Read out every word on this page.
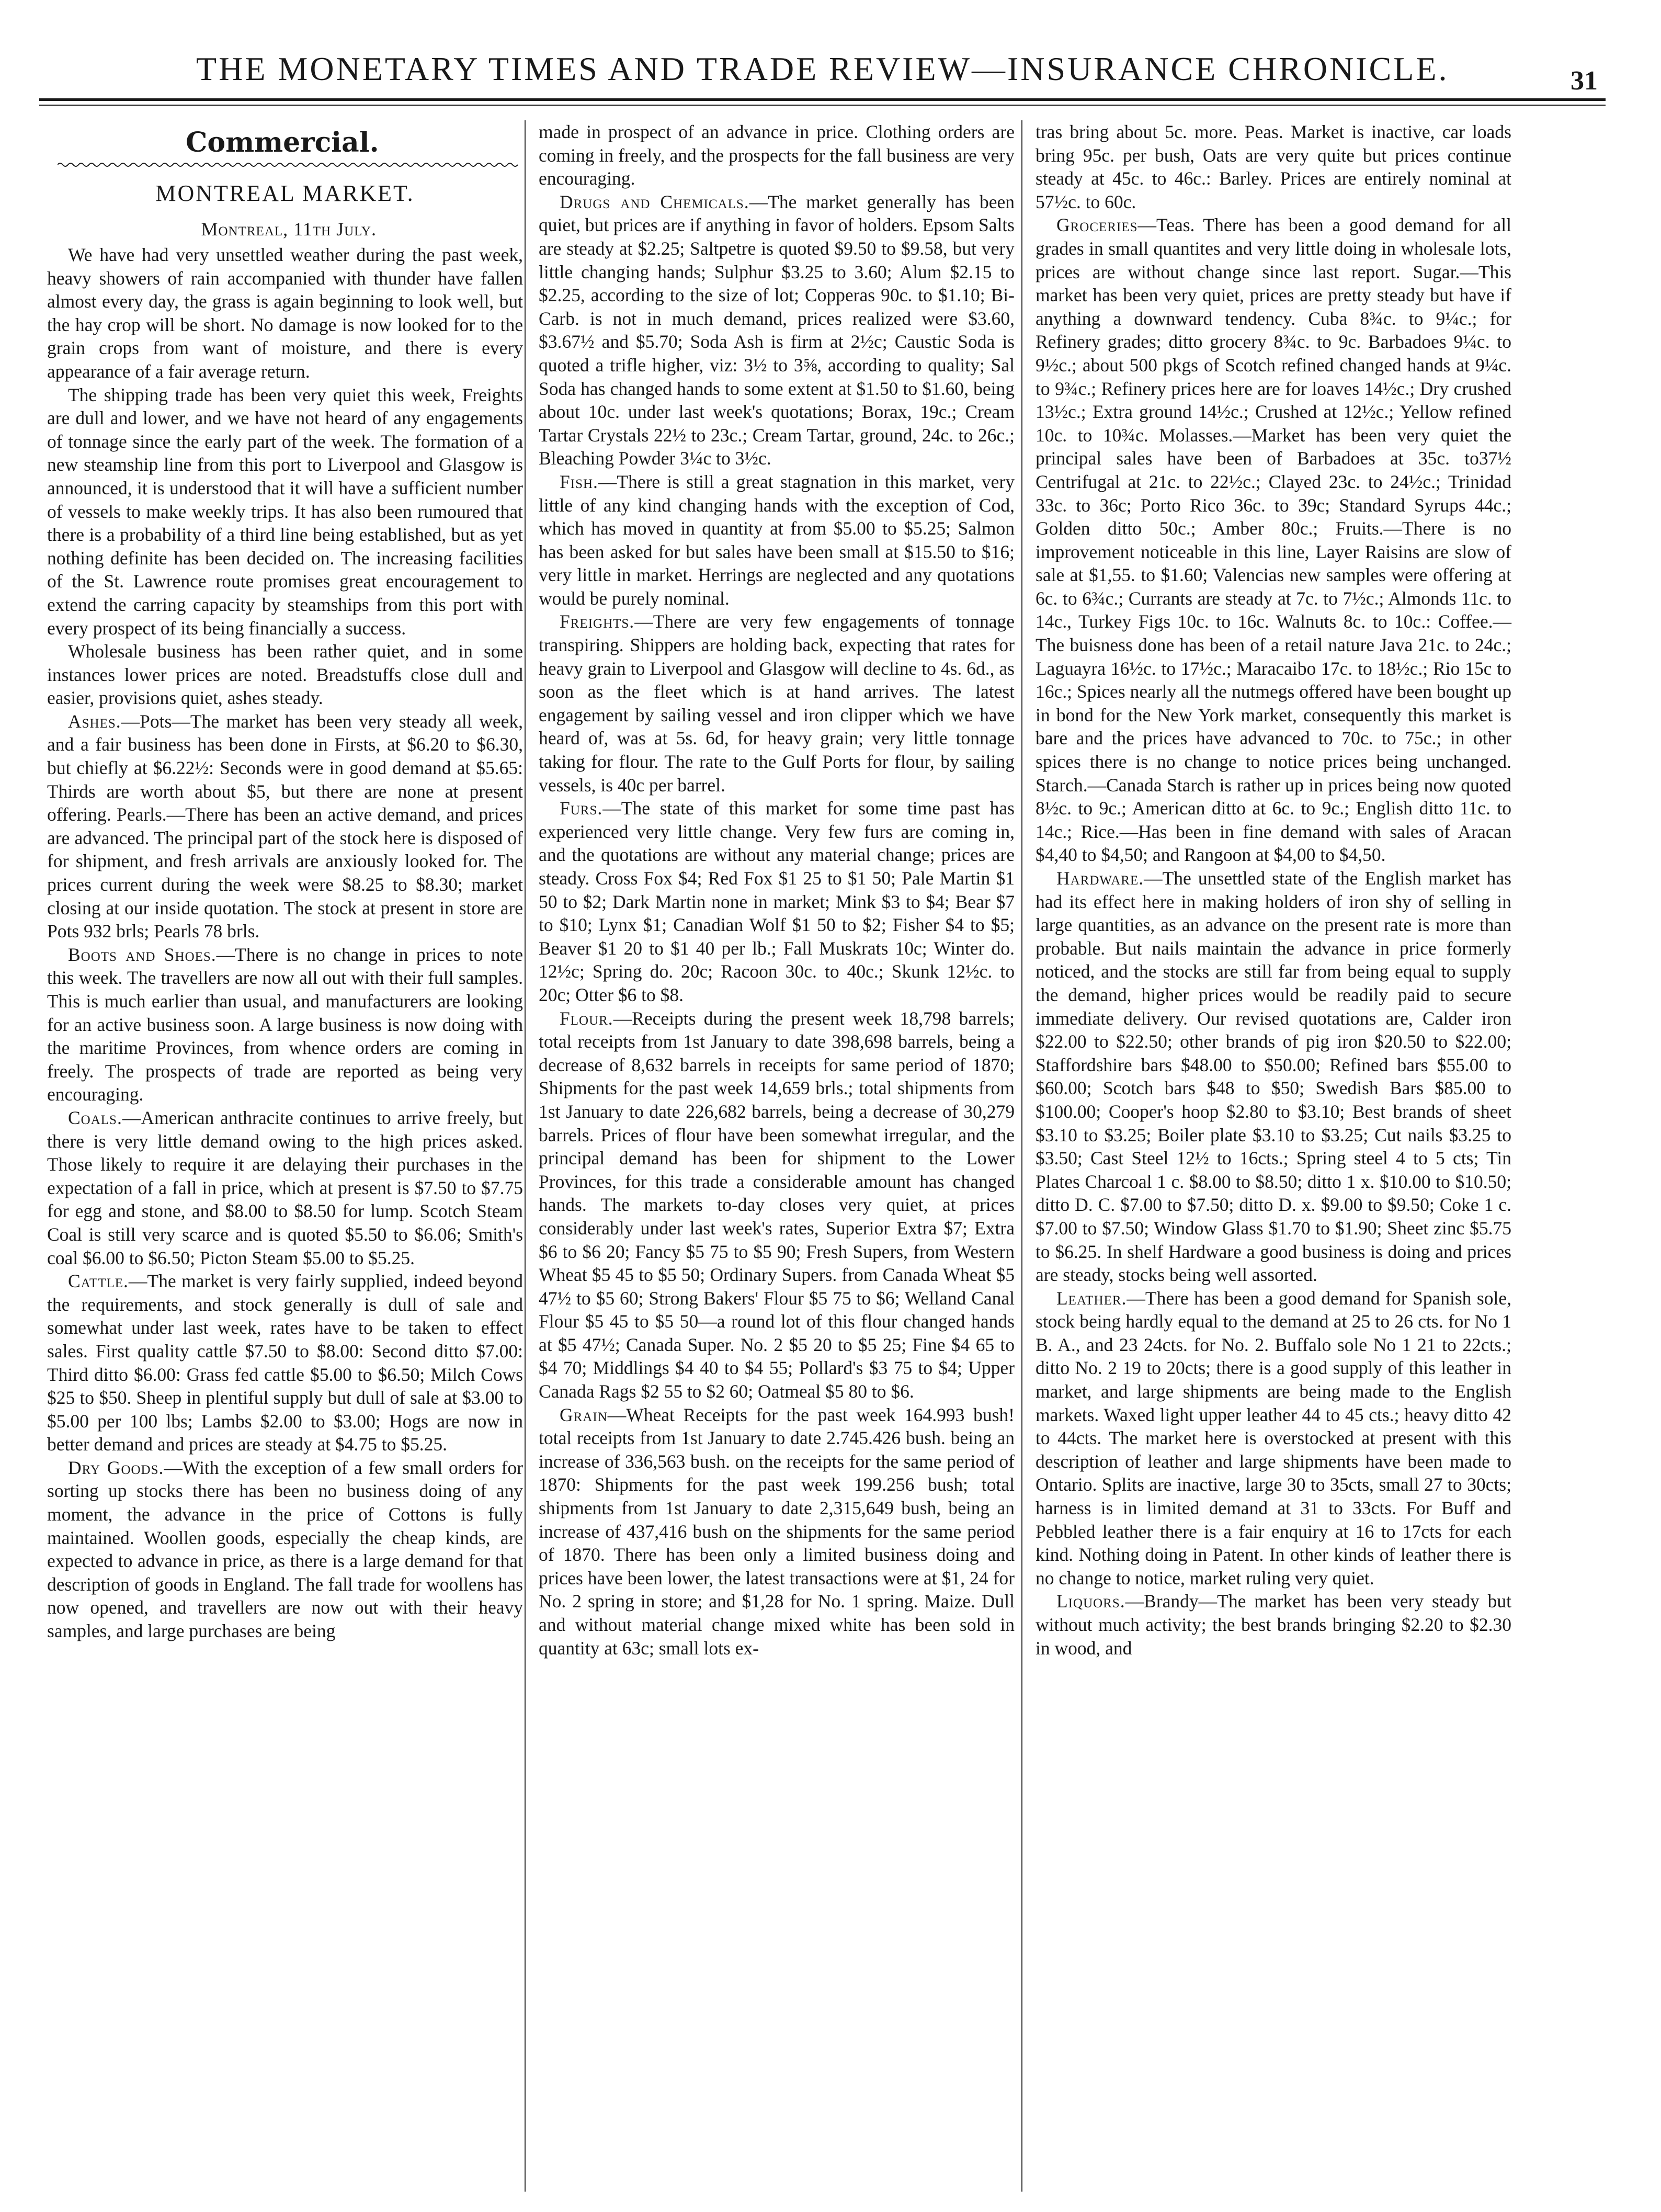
THE MONETARY TIMES AND TRADE REVIEW—INSURANCE CHRONICLE.	31
Commercial.
MONTREAL MARKET.
Montreal, 11th July.

We have had very unsettled weather during the past week, heavy showers of rain accompanied with thunder have fallen almost every day, the grass is again beginning to look well, but the hay crop will be short. No damage is now looked for to the grain crops from want of moisture, and there is every appearance of a fair average return.

The shipping trade has been very quiet this week, Freights are dull and lower, and we have not heard of any engagements of tonnage since the early part of the week. The formation of a new steamship line from this port to Liverpool and Glasgow is announced, it is understood that it will have a sufficient number of vessels to make weekly trips. It has also been rumoured that there is a probability of a third line being established, but as yet nothing definite has been decided on. The increasing facilities of the St. Lawrence route promises great encouragement to extend the carring capacity by steamships from this port with every prospect of its being financially a success.

Wholesale business has been rather quiet, and in some instances lower prices are noted. Breadstuffs close dull and easier, provisions quiet, ashes steady.

Ashes.—Pots—The market has been very steady all week, and a fair business has been done in Firsts, at $6.20 to $6.30, but chiefly at $6.22½: Seconds were in good demand at $5.65: Thirds are worth about $5, but there are none at present offering. Pearls.—There has been an active demand, and prices are advanced. The principal part of the stock here is disposed of for shipment, and fresh arrivals are anxiously looked for. The prices current during the week were $8.25 to $8.30; market closing at our inside quotation. The stock at present in store are Pots 932 brls; Pearls 78 brls.

Boots and Shoes.—There is no change in prices to note this week. The travellers are now all out with their full samples. This is much earlier than usual, and manufacturers are looking for an active business soon. A large business is now doing with the maritime Provinces, from whence orders are coming in freely. The prospects of trade are reported as being very encouraging.

Coals.—American anthracite continues to arrive freely, but there is very little demand owing to the high prices asked. Those likely to require it are delaying their purchases in the expectation of a fall in price, which at present is $7.50 to $7.75 for egg and stone, and $8.00 to $8.50 for lump. Scotch Steam Coal is still very scarce and is quoted $5.50 to $6.06; Smith's coal $6.00 to $6.50; Picton Steam $5.00 to $5.25.

Cattle.—The market is very fairly supplied, indeed beyond the requirements, and stock generally is dull of sale and somewhat under last week, rates have to be taken to effect sales. First quality cattle $7.50 to $8.00: Second ditto $7.00: Third ditto $6.00: Grass fed cattle $5.00 to $6.50; Milch Cows $25 to $50. Sheep in plentiful supply but dull of sale at $3.00 to $5.00 per 100 lbs; Lambs $2.00 to $3.00; Hogs are now in better demand and prices are steady at $4.75 to $5.25.

Dry Goods.—With the exception of a few small orders for sorting up stocks there has been no business doing of any moment, the advance in the price of Cottons is fully maintained. Woollen goods, especially the cheap kinds, are expected to advance in price, as there is a large demand for that description of goods in England. The fall trade for woollens has now opened, and travellers are now out with their heavy samples, and large purchases are being

made in prospect of an advance in price. Clothing orders are coming in freely, and the prospects for the fall business are very encouraging.

Drugs and Chemicals.—The market generally has been quiet, but prices are if anything in favor of holders. Epsom Salts are steady at $2.25; Saltpetre is quoted $9.50 to $9.58, but very little changing hands; Sulphur $3.25 to 3.60; Alum $2.15 to $2.25, according to the size of lot; Copperas 90c. to $1.10; Bi-Carb. is not in much demand, prices realized were $3.60, $3.67½ and $5.70; Soda Ash is firm at 2½c; Caustic Soda is quoted a trifle higher, viz: 3½ to 3⅝, according to quality; Sal Soda has changed hands to some extent at $1.50 to $1.60, being about 10c. under last week's quotations; Borax, 19c.; Cream Tartar Crystals 22½ to 23c.; Cream Tartar, ground, 24c. to 26c.; Bleaching Powder 3¼c to 3½c.

Fish.—There is still a great stagnation in this market, very little of any kind changing hands with the exception of Cod, which has moved in quantity at from $5.00 to $5.25; Salmon has been asked for but sales have been small at $15.50 to $16; very little in market. Herrings are neglected and any quotations would be purely nominal.

Freights.—There are very few engagements of tonnage transpiring. Shippers are holding back, expecting that rates for heavy grain to Liverpool and Glasgow will decline to 4s. 6d., as soon as the fleet which is at hand arrives. The latest engagement by sailing vessel and iron clipper which we have heard of, was at 5s. 6d, for heavy grain; very little tonnage taking for flour. The rate to the Gulf Ports for flour, by sailing vessels, is 40c per barrel.

Furs.—The state of this market for some time past has experienced very little change. Very few furs are coming in, and the quotations are without any material change; prices are steady. Cross Fox $4; Red Fox $1 25 to $1 50; Pale Martin $1 50 to $2; Dark Martin none in market; Mink $3 to $4; Bear $7 to $10; Lynx $1; Canadian Wolf $1 50 to $2; Fisher $4 to $5; Beaver $1 20 to $1 40 per lb.; Fall Muskrats 10c; Winter do. 12½c; Spring do. 20c; Racoon 30c. to 40c.; Skunk 12½c. to 20c; Otter $6 to $8.

Flour.—Receipts during the present week 18,798 barrels; total receipts from 1st January to date 398,698 barrels, being a decrease of 8,632 barrels in receipts for same period of 1870; Shipments for the past week 14,659 brls.; total shipments from 1st January to date 226,682 barrels, being a decrease of 30,279 barrels. Prices of flour have been somewhat irregular, and the principal demand has been for shipment to the Lower Provinces, for this trade a considerable amount has changed hands. The markets to-day closes very quiet, at prices considerably under last week's rates, Superior Extra $7; Extra $6 to $6 20; Fancy $5 75 to $5 90; Fresh Supers, from Western Wheat $5 45 to $5 50; Ordinary Supers. from Canada Wheat $5 47½ to $5 60; Strong Bakers' Flour $5 75 to $6; Welland Canal Flour $5 45 to $5 50—a round lot of this flour changed hands at $5 47½; Canada Super. No. 2 $5 20 to $5 25; Fine $4 65 to $4 70; Middlings $4 40 to $4 55; Pollard's $3 75 to $4; Upper Canada Rags $2 55 to $2 60; Oatmeal $5 80 to $6.

Grain—Wheat Receipts for the past week 164.993 bush! total receipts from 1st January to date 2.745.426 bush. being an increase of 336,563 bush. on the receipts for the same period of 1870: Shipments for the past week 199.256 bush; total shipments from 1st January to date 2,315,649 bush, being an increase of 437,416 bush on the shipments for the same period of 1870. There has been only a limited business doing and prices have been lower, the latest transactions were at $1, 24 for No. 2 spring in store; and $1,28 for No. 1 spring. Maize. Dull and without material change mixed white has been sold in quantity at 63c; small lots ex-

tras bring about 5c. more. Peas. Market is inactive, car loads bring 95c. per bush, Oats are very quite but prices continue steady at 45c. to 46c.: Barley. Prices are entirely nominal at 57½c. to 60c.

Groceries—Teas. There has been a good demand for all grades in small quantites and very little doing in wholesale lots, prices are without change since last report. Sugar.—This market has been very quiet, prices are pretty steady but have if anything a downward tendency. Cuba 8¾c. to 9¼c.; for Refinery grades; ditto grocery 8¾c. to 9c. Barbadoes 9¼c. to 9½c.; about 500 pkgs of Scotch refined changed hands at 9¼c. to 9¾c.; Refinery prices here are for loaves 14½c.; Dry crushed 13½c.; Extra ground 14½c.; Crushed at 12½c.; Yellow refined 10c. to 10¾c. Molasses.—Market has been very quiet the principal sales have been of Barbadoes at 35c. to37½ Centrifugal at 21c. to 22½c.; Clayed 23c. to 24½c.; Trinidad 33c. to 36c; Porto Rico 36c. to 39c; Standard Syrups 44c.; Golden ditto 50c.; Amber 80c.; Fruits.—There is no improvement noticeable in this line, Layer Raisins are slow of sale at $1,55. to $1.60; Valencias new samples were offering at 6c. to 6¾c.; Currants are steady at 7c. to 7½c.; Almonds 11c. to 14c., Turkey Figs 10c. to 16c. Walnuts 8c. to 10c.: Coffee.—The buisness done has been of a retail nature Java 21c. to 24c.; Laguayra 16½c. to 17½c.; Maracaibo 17c. to 18½c.; Rio 15c to 16c.; Spices nearly all the nutmegs offered have been bought up in bond for the New York market, consequently this market is bare and the prices have advanced to 70c. to 75c.; in other spices there is no change to notice prices being unchanged. Starch.—Canada Starch is rather up in prices being now quoted 8½c. to 9c.; American ditto at 6c. to 9c.; English ditto 11c. to 14c.; Rice.—Has been in fine demand with sales of Aracan $4,40 to $4,50; and Rangoon at $4,00 to $4,50.

Hardware.—The unsettled state of the English market has had its effect here in making holders of iron shy of selling in large quantities, as an advance on the present rate is more than probable. But nails maintain the advance in price formerly noticed, and the stocks are still far from being equal to supply the demand, higher prices would be readily paid to secure immediate delivery. Our revised quotations are, Calder iron $22.00 to $22.50; other brands of pig iron $20.50 to $22.00; Staffordshire bars $48.00 to $50.00; Refined bars $55.00 to $60.00; Scotch bars $48 to $50; Swedish Bars $85.00 to $100.00; Cooper's hoop $2.80 to $3.10; Best brands of sheet $3.10 to $3.25; Boiler plate $3.10 to $3.25; Cut nails $3.25 to $3.50; Cast Steel 12½ to 16cts.; Spring steel 4 to 5 cts; Tin Plates Charcoal 1 c. $8.00 to $8.50; ditto 1 x. $10.00 to $10.50; ditto D. C. $7.00 to $7.50; ditto D. x. $9.00 to $9.50; Coke 1 c. $7.00 to $7.50; Window Glass $1.70 to $1.90; Sheet zinc $5.75 to $6.25. In shelf Hardware a good business is doing and prices are steady, stocks being well assorted.

Leather.—There has been a good demand for Spanish sole, stock being hardly equal to the demand at 25 to 26 cts. for No 1 B. A., and 23 24cts. for No. 2. Buffalo sole No 1 21 to 22cts.; ditto No. 2 19 to 20cts; there is a good supply of this leather in market, and large shipments are being made to the English markets. Waxed light upper leather 44 to 45 cts.; heavy ditto 42 to 44cts. The market here is overstocked at present with this description of leather and large shipments have been made to Ontario. Splits are inactive, large 30 to 35cts, small 27 to 30cts; harness is in limited demand at 31 to 33cts. For Buff and Pebbled leather there is a fair enquiry at 16 to 17cts for each kind. Nothing doing in Patent. In other kinds of leather there is no change to notice, market ruling very quiet.

Liquors.—Brandy—The market has been very steady but without much activity; the best brands bringing $2.20 to $2.30 in wood, and
